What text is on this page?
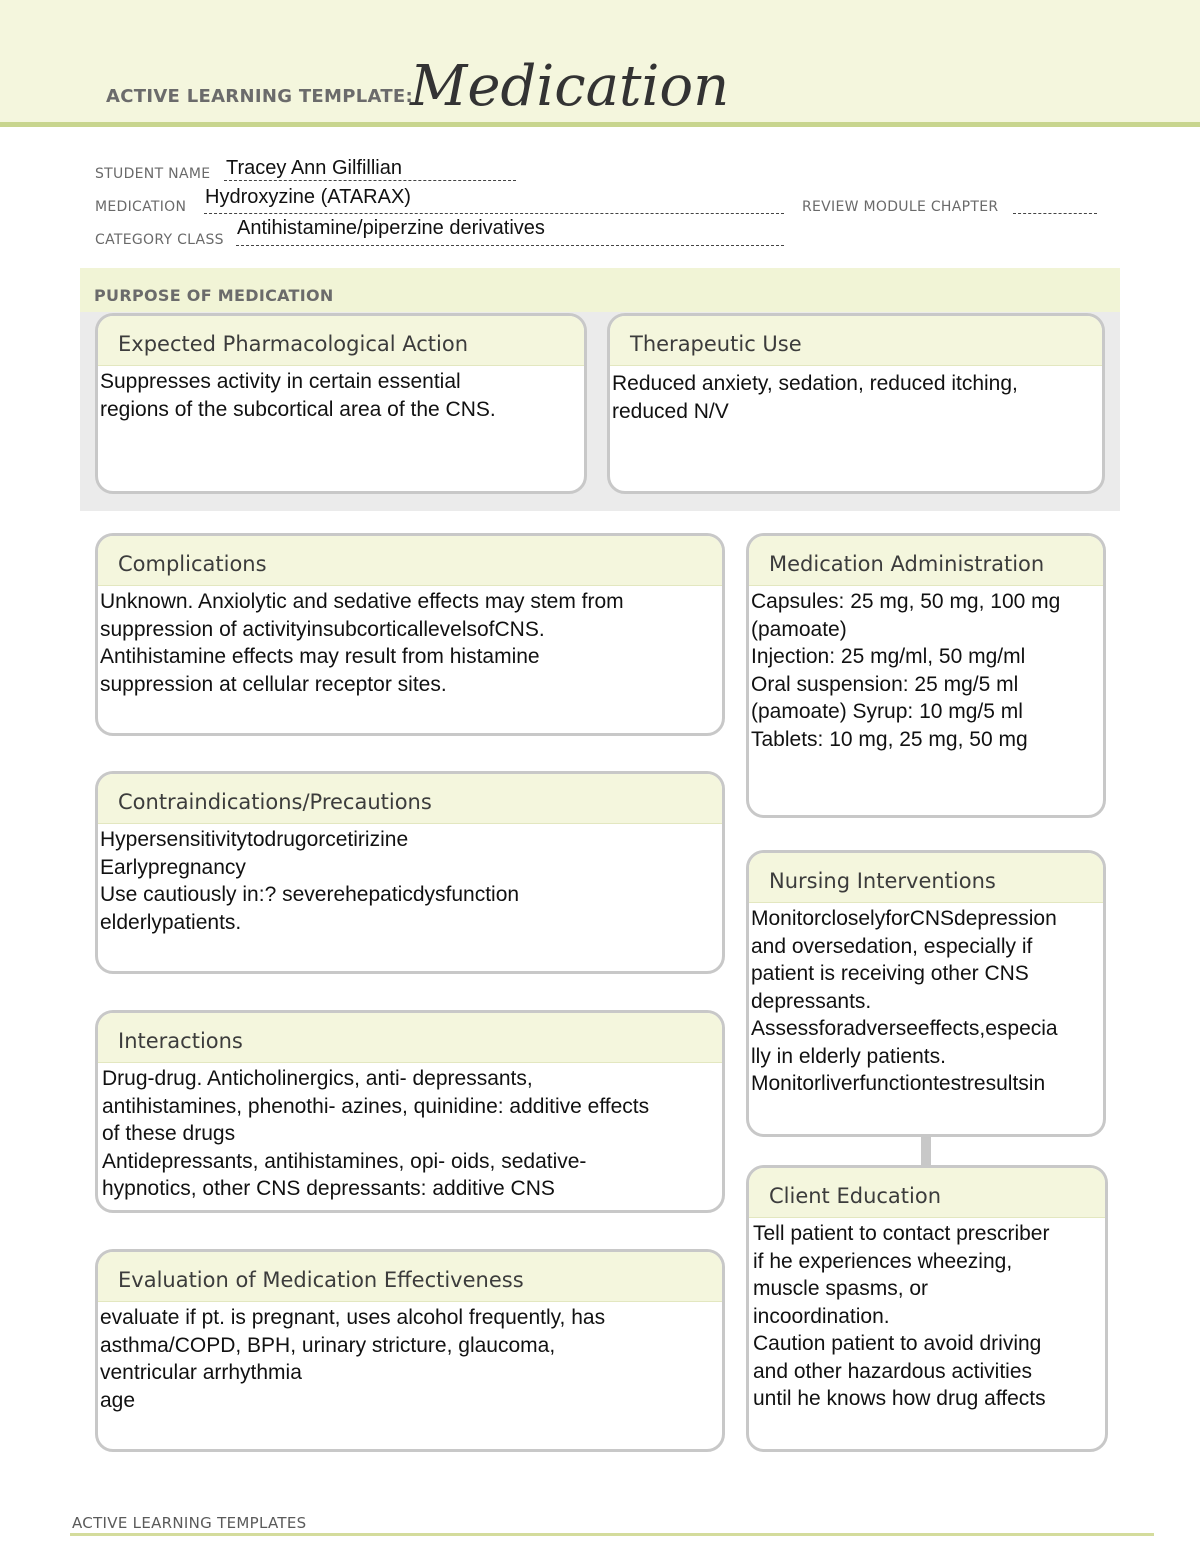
ACTIVE LEARNING TEMPLATE:
Medication
STUDENT NAME Tracey Ann Gilfillian
MEDICATION Hydroxyzine (ATARAX)	REVIEW MODULE CHAPTER
CATEGORY CLASS
Antihistamine/piperzine derivatives
PURPOSE OF MEDICATION
Expected Pharmacological Action
Suppresses activity in certain essential
regions of the subcortical area of the CNS.
Therapeutic Use
Reduced anxiety, sedation, reduced itching,
reduced N/V
Complications
Unknown. Anxiolytic and sedative effects may stem from
suppression of activityinsubcorticallevelsofCNS.
Antihistamine effects may result from histamine
suppression at cellular receptor sites.
Contraindications/Precautions
Hypersensitivitytodrugorcetirizine
Earlypregnancy
Use cautiously in:? severehepaticdysfunction
elderlypatients.
Interactions
Drug-drug. Anticholinergics, anti- depressants,
antihistamines, phenothi- azines, quinidine: additive effects
of these drugs
Antidepressants, antihistamines, opi- oids, sedative-
hypnotics, other CNS depressants: additive CNS
Evaluation of Medication Effectiveness
evaluate if pt. is pregnant, uses alcohol frequently, has
asthma/COPD, BPH, urinary stricture, glaucoma,
ventricular arrhythmia
age
Medication Administration
Capsules: 25 mg, 50 mg, 100 mg
(pamoate)
Injection: 25 mg/ml, 50 mg/ml
Oral suspension: 25 mg/5 ml
(pamoate) Syrup: 10 mg/5 ml
Tablets: 10 mg, 25 mg, 50 mg
Nursing Interventions
MonitorcloselyforCNSdepression
and oversedation, especially if
patient is receiving other CNS
depressants.
Assessforadverseeffects,especia
lly in elderly patients.
Monitorliverfunctiontestresultsin
Client Education
Tell patient to contact prescriber
if he experiences wheezing,
muscle spasms, or
incoordination.
Caution patient to avoid driving
and other hazardous activities
until he knows how drug affects
ACTIVE LEARNING TEMPLATES
